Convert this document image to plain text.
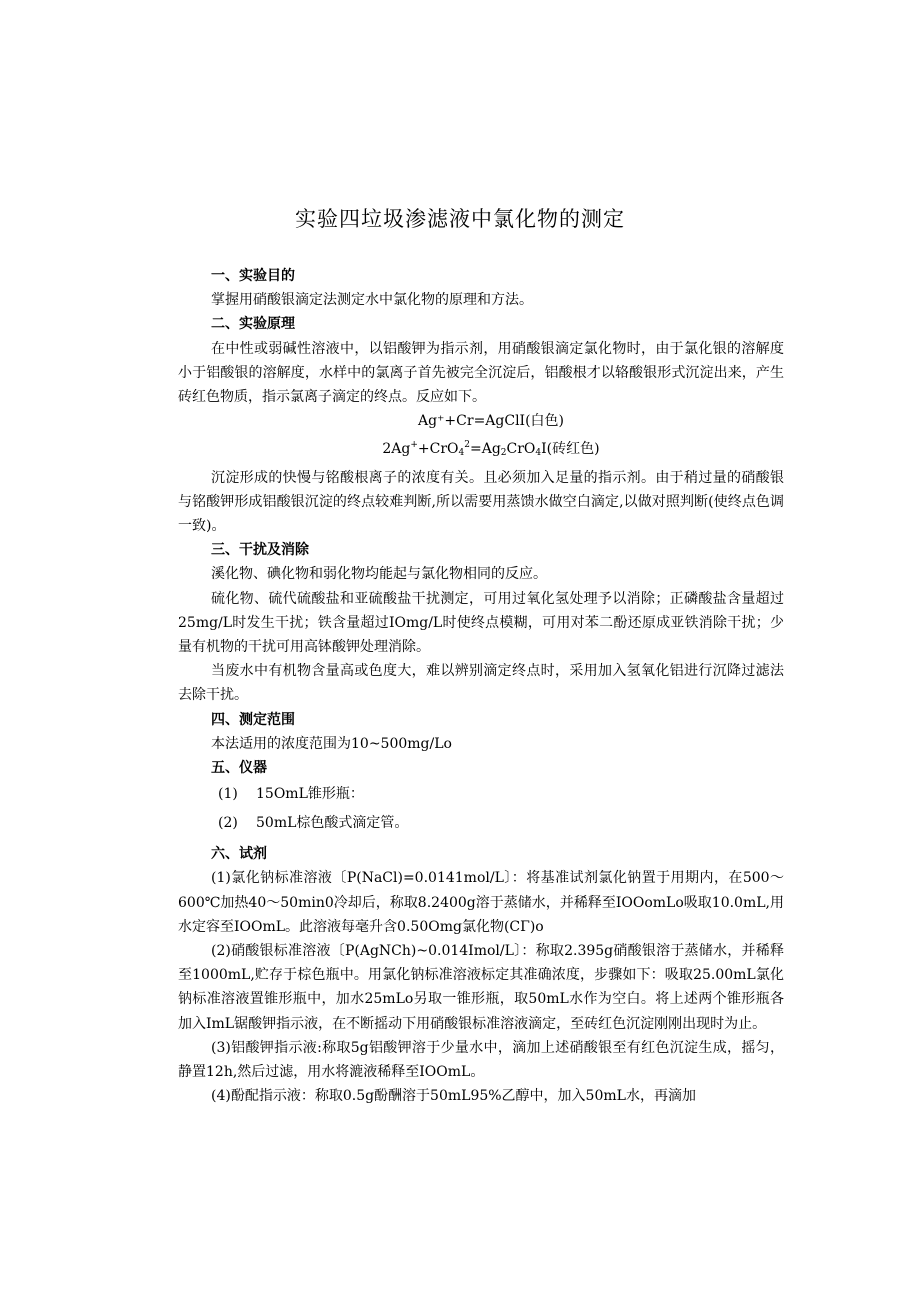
实验四垃圾渗滤液中氯化物的测定

一、实验目的

掌握用硝酸银滴定法测定水中氯化物的原理和方法。

二、实验原理

在中性或弱碱性溶液中，以铝酸钾为指示剂，用硝酸银滴定氯化物时，由于氯化银的溶解度小于铝酸银的溶解度，水样中的氯离子首先被完全沉淀后，铝酸根才以辂酸银形式沉淀出来，产生砖红色物质，指示氯离子滴定的终点。反应如下。

Ag⁺+Cr=AgClI(白色)

$2Ag^++CrO_4^2=Ag_2CrO_4I$(砖红色)

沉淀形成的快慢与铭酸根离子的浓度有关。且必须加入足量的指示剂。由于稍过量的硝酸银与铭酸钾形成铝酸银沉淀的终点较难判断,所以需要用蒸馈水做空白滴定,以做对照判断(使终点色调一致)。

三、干扰及消除

溪化物、碘化物和弱化物均能起与氯化物相同的反应。

硫化物、硫代硫酸盐和亚硫酸盐干扰测定，可用过氧化氢处理予以消除；正磷酸盐含量超过25mg∕L时发生干扰；铁含量超过IOmg/L时使终点模糊，可用对苯二酚还原成亚铁消除干扰；少量有机物的干扰可用高钵酸钾处理消除。

当废水中有机物含量高或色度大，难以辨别滴定终点时，采用加入氢氧化铝进行沉降过滤法去除干扰。

四、测定范围

本法适用的浓度范围为10~500mg/Lo

五、仪器

(1) 15OmL锥形瓶：

(2) 50mL棕色酸式滴定管。

六、试剂

(1)氯化钠标准溶液〔P(NaCl)=0.0141mol/L〕：将基准试剂氯化钠置于用期内，在500～600℃加热40～50min0冷却后，称取8.2400g溶于蒸储水，并稀释至IOOomLo吸取10.0mL,用水定容至IOOmL。此溶液每毫升含0.50Omg氯化物(CΓ)o

(2)硝酸银标准溶液〔P(AgNCh)~0.014Imol/L〕：称取2.395g硝酸银溶于蒸储水，并稀释至1000mL,贮存于棕色瓶中。用氯化钠标准溶液标定其准确浓度，步骤如下：吸取25.00mL氯化钠标准溶液置锥形瓶中，加水25mLo另取一锥形瓶，取50mL水作为空白。将上述两个锥形瓶各加入ImL锯酸钾指示液，在不断摇动下用硝酸银标准溶液滴定，至砖红色沉淀刚刚出现时为止。

(3)铝酸钾指示液:称取5g铝酸钾溶于少量水中，滴加上述硝酸银至有红色沉淀生成，摇匀，静置12h,然后过滤，用水将漉液稀释至IOOmL。

(4)酚配指示液：称取0.5g酚酬溶于50mL95%乙醇中，加入50mL水，再滴加
